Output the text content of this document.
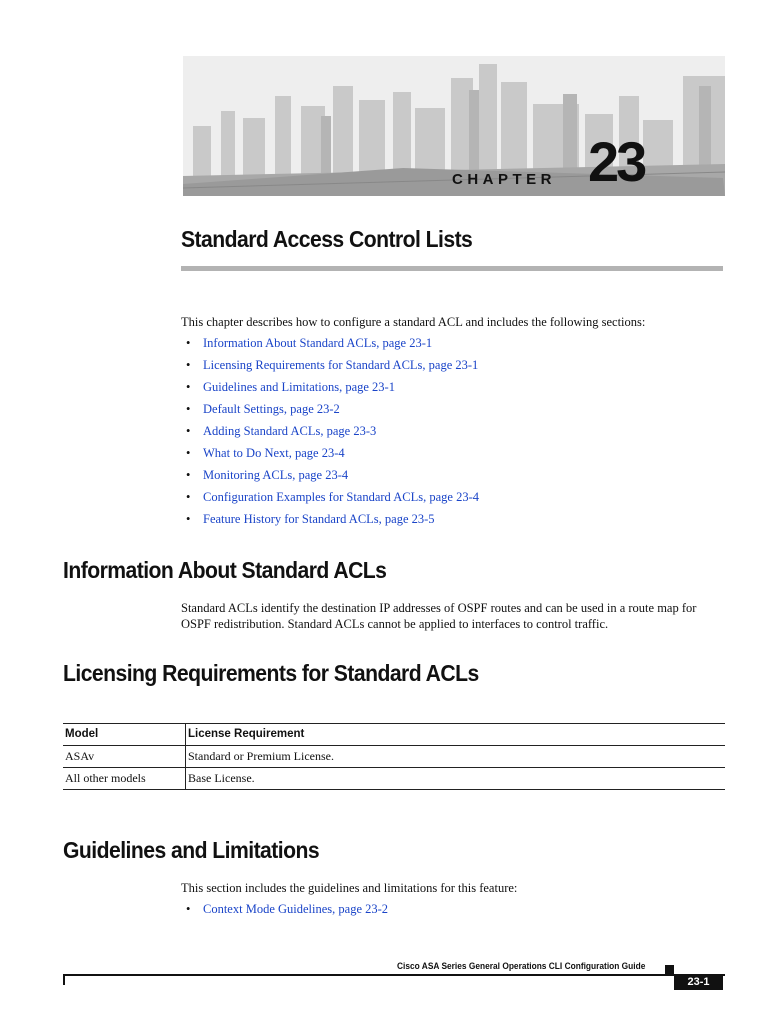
CHAPTER 23
Standard Access Control Lists

This chapter describes how to configure a standard ACL and includes the following sections:

• Information About Standard ACLs, page 23-1
• Licensing Requirements for Standard ACLs, page 23-1
• Guidelines and Limitations, page 23-1
• Default Settings, page 23-2
• Adding Standard ACLs, page 23-3
• What to Do Next, page 23-4
• Monitoring ACLs, page 23-4
• Configuration Examples for Standard ACLs, page 23-4
• Feature History for Standard ACLs, page 23-5
Information About Standard ACLs

Standard ACLs identify the destination IP addresses of OSPF routes and can be used in a route map for OSPF redistribution. Standard ACLs cannot be applied to interfaces to control traffic.

Licensing Requirements for Standard ACLs
Model	License Requirement
ASAv	Standard or Premium License.
All other models	Base License.
Guidelines and Limitations

This section includes the guidelines and limitations for this feature:

• Context Mode Guidelines, page 23-2
Cisco ASA Series General Operations CLI Configuration Guide
23-1
